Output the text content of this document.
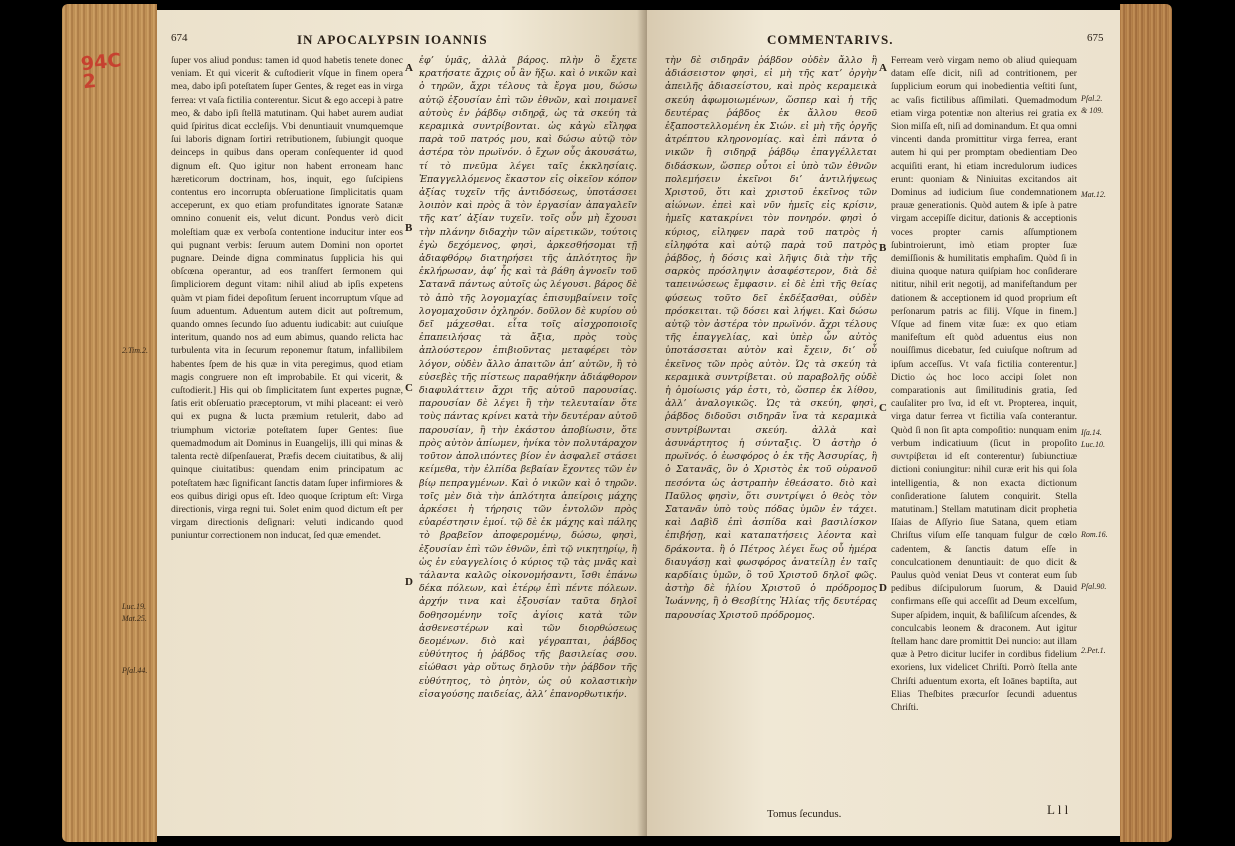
94C
2
674	IN APOCALYPSIN IOANNIS

ſuper vos aliud pondus: tamen id quod habetis tenete donec veniam. Et qui vicerit & cuſtodierit vſque in finem opera mea, dabo ipſi poteſtatem ſuper Gentes, & reget eas in virga ferrea: vt vaſa fictilia conterentur. Sicut & ego accepi à patre meo, & dabo ipſi ſtellā matutinam. Qui habet aurem audiat quid ſpiritus dicat eccleſijs. Vbi denuntiauit vnumquemque ſui laboris dignam ſortiri retributionem, ſubiungit quoque deinceps in quibus dans operam conſequenter id quod dignum eſt. Quo igitur non habent erroneam hanc hæreticorum doctrinam, hos, inquit, ego ſuſcipiens contentus ero incorrupta obſeruatione ſimplicitatis quam acceperunt, ex quo etiam profunditates ignorate Satanæ omnino conuenit eis, velut dicunt. Pondus verò dicit moleſtiam quæ ex verboſa contentione inducitur inter eos qui pugnant verbis: ſeruum autem Domini non oportet pugnare. Deinde digna comminatus ſupplicia his qui obſcœna operantur, ad eos tranſfert ſermonem qui ſimpliciorem degunt vitam: nihil aliud ab ipſis expetens quàm vt piam fidei depoſitum ſeruent incorruptum vſque ad ſuum aduentum. Aduentum autem dicit aut poſtremum, quando omnes ſecundo ſuo aduentu iudicabit: aut cuiuſque interitum, quando nos ad eum abimus, quando relicta hac turbulenta vita in ſecurum reponemur ſtatum, infallibilem habentes ſpem de his quæ in vita peregimus, quod etiam magis congruere non eſt improbabile. Et qui vicerit, & cuſtodierit.] His qui ob ſimplicitatem ſunt expertes pugnæ, ſatis erit obſeruatio præceptorum, vt mihi placeant: ei verò qui ex pugna & lucta præmium retulerit, dabo ad triumphum victoriæ poteſtatem ſuper Gentes: ſiue quemadmodum ait Dominus in Euangelijs, illi qui minas & talenta rectè diſpenſauerat, Præfis decem ciuitatibus, & alij quinque ciuitatibus: quendam enim principatum ac poteſtatem hæc ſignificant ſanctis datam ſuper infirmiores & eos quibus dirigi opus eſt. Ideo quoque ſcriptum eſt: Virga directionis, virga regni tui. Solet enim quod dictum eſt per virgam directionis deſignari: veluti indicando quod puniuntur correctionem non inducat, ſed quæ emendet.

ἐφʼ ὑμᾶς, ἀλλὰ βάρος. πλὴν ὃ ἔχετε κρατήσατε ἄχρις οὗ ἂν ἥξω. καὶ ὁ νικῶν καὶ ὁ τηρῶν, ἄχρι τέλους τὰ ἔργα μου, δώσω αὐτῷ ἐξουσίαν ἐπὶ τῶν ἐθνῶν, καὶ ποιμανεῖ αὐτοὺς ἐν ῥάβδῳ σιδηρᾷ, ὡς τὰ σκεύη τὰ κεραμικὰ συντρίβονται. ὡς κἀγὼ εἴληφα παρὰ τοῦ πατρός μου, καὶ δώσω αὐτῷ τὸν ἀστέρα τὸν πρωϊνόν. ὁ ἔχων οὖς ἀκουσάτω, τί τὸ πνεῦμα λέγει ταῖς ἐκκλησίαις. Ἐπαγγελλόμενος ἕκαστον εἰς οἰκεῖον κόπον ἀξίας τυχεῖν τῆς ἀντιδόσεως, ὑποτάσσει λοιπὸν καὶ πρὸς ἃ τὸν ἐργασίαν ἀπαγαλεῖν τῆς κατʼ ἀξίαν τυχεῖν. τοῖς οὖν μὴ ἔχουσι τὴν πλάνην διδαχὴν τῶν αἱρετικῶν, τούτοις ἐγὼ δεχόμενος, φησὶ, ἀρκεσθήσομαι τῇ ἀδιαφθόρῳ διατηρήσει τῆς ἁπλότητος ἣν ἐκλήρωσαν, ἀφʼ ἧς καὶ τὰ βάθη ἀγνοεῖν τοῦ Σατανᾶ πάντως αὐτοῖς ὡς λέγουσι. βάρος δὲ τὸ ἀπὸ τῆς λογομαχίας ἐπισυμβαίνειν τοῖς λογομαχοῦσιν ὀχληρόν. δοῦλον δὲ κυρίου οὐ δεῖ μάχεσθαι. εἶτα τοῖς αἰσχροποιοῖς ἐπαπειλήσας τὰ ἄξια, πρὸς τοὺς ἁπλούστερον ἐπιβιοῦντας μεταφέρει τὸν λόγον, οὐδὲν ἄλλο ἀπαιτῶν ἀπʼ αὐτῶν, ἢ τὸ εὐσεβὲς τῆς πίστεως παραθήκην ἀδιάφθορον διαφυλάττειν ἄχρι τῆς αὐτοῦ παρουσίας. παρουσίαν δὲ λέγει ἢ τὴν τελευταίαν ὅτε τοὺς πάντας κρίνει κατὰ τὴν δευτέραν αὐτοῦ παρουσίαν, ἢ τὴν ἑκάστου ἀποβίωσιν, ὅτε πρὸς αὐτὸν ἀπίωμεν, ἡνίκα τὸν πολυτάραχον τοῦτον ἀπολιπόντες βίον ἐν ἀσφαλεῖ στάσει κείμεθα, τὴν ἐλπίδα βεβαίαν ἔχοντες τῶν ἐν βίῳ πεπραγμένων. Καὶ ὁ νικῶν καὶ ὁ τηρῶν. τοῖς μὲν διὰ τὴν ἁπλότητα ἀπείροις μάχης ἀρκέσει ἡ τήρησις τῶν ἐντολῶν πρὸς εὐαρέστησιν ἐμοί. τῷ δὲ ἐκ μάχης καὶ πάλης τὸ βραβεῖον ἀποφερομένῳ, δώσω, φησὶ, ἐξουσίαν ἐπὶ τῶν ἐθνῶν, ἐπὶ τῷ νικητηρίῳ, ἢ ὡς ἐν εὐαγγελίοις ὁ κύριος τῷ τὰς μνᾶς καὶ τάλαντα καλῶς οἰκονομήσαντι, ἴσθι ἐπάνω δέκα πόλεων, καὶ ἑτέρῳ ἐπὶ πέντε πόλεων. ἀρχήν τινα καὶ ἐξουσίαν ταῦτα δηλοῖ δοθησομένην τοῖς ἁγίοις κατὰ τῶν ἀσθενεστέρων καὶ τῶν διορθώσεως δεομένων. διὸ καὶ γέγραπται, ῥάβδος εὐθύτητος ἡ ῥάβδος τῆς βασιλείας σου. εἰώθασι γὰρ οὕτως δηλοῦν τὴν ῥάβδον τῆς εὐθύτητος, τὸ ῥητὸν, ὡς οὐ κολαστικὴν εἰσαγούσης παιδείας, ἀλλʼ ἐπανορθωτικήν.

A
B
C
D
2.Tim.2.
Luc.19.
Mat.25.
Pſal.44.
COMMENTARIVS.	675

τὴν δὲ σιδηρᾶν ῥάβδον οὐδὲν ἄλλο ἢ ἀδιάσειστον φησὶ, εἰ μὴ τῆς κατʼ ὀργὴν ἀπειλῆς ἀδιασείστου, καὶ πρὸς κεραμεικὰ σκεύη ἀφωμοιωμένων, ὥσπερ καὶ ἡ τῆς δευτέρας ῥάβδος ἐκ ἄλλου θεοῦ ἐξαποστελλομένη ἐκ Σιών. εἰ μὴ τῆς ὀργῆς ἀτρέπτου κληρονομίας. καὶ ἐπὶ πάντα ὁ νικῶν ἢ σιδηρᾷ ῥάβδῳ ἐπαγγέλλεται διδάσκων, ὥσπερ οὗτοι εἰ ὑπὸ τῶν ἐθνῶν πολεμήσειν ἐκεῖνοι διʼ ἀντιλήψεως Χριστοῦ, ὅτι καὶ χριστοῦ ἐκεῖνος τῶν αἰώνων. ἐπεὶ καὶ νῦν ἡμεῖς εἰς κρίσιν, ἡμεῖς κατακρίνει τὸν πονηρόν. φησὶ ὁ κύριος, εἰληφεν παρὰ τοῦ πατρὸς ἡ εἰληφότα καὶ αὐτῷ παρὰ τοῦ πατρὸς ῥάβδος, ἡ δόσις καὶ λῆψις διὰ τὴν τῆς σαρκὸς πρόσληψιν ἀσαφέστερον, διὰ δὲ ταπεινώσεως ἔμφασιν. εἰ δὲ ἐπὶ τῆς θείας φύσεως τοῦτο δεῖ ἐκδέξασθαι, οὐδὲν πρόσκειται. τῷ δόσει καὶ λήψει. Καὶ δώσω αὐτῷ τὸν ἀστέρα τὸν πρωϊνόν. ἄχρι τέλους τῆς ἐπαγγελίας, καὶ ὑπὲρ ὧν αὐτὸς ὑποτάσσεται αὐτὸν καὶ ἔχειν, διʼ οὗ ἐκεῖνος τῶν πρὸς αὐτὸν. Ὡς τὰ σκεύη τὰ κεραμικὰ συντρίβεται. οὐ παραβολῆς οὐδὲ ἡ ὁμοίωσις γάρ ἐστι, τὸ, ὥσπερ ἐκ λίθου, ἀλλʼ ἀναλογικῶς. Ὡς τὰ σκεύη, φησὶ, ῥάβδος διδοῦσι σιδηρᾶν ἵνα τὰ κεραμικὰ συντρίβωνται σκεύη. ἀλλὰ καὶ ἀσυνάρτητος ἡ σύνταξις. Ὁ ἀστὴρ ὁ πρωϊνός. ὁ ἑωσφόρος ὁ ἐκ τῆς Ἀσσυρίας, ἢ ὁ Σατανᾶς, ὃν ὁ Χριστὸς ἐκ τοῦ οὐρανοῦ πεσόντα ὡς ἀστραπὴν ἐθεάσατο. διὸ καὶ Παῦλος φησὶν, ὅτι συντρίψει ὁ θεὸς τὸν Σατανᾶν ὑπὸ τοὺς πόδας ὑμῶν ἐν τάχει. καὶ Δαβὶδ ἐπὶ ἀσπίδα καὶ βασιλίσκον ἐπιβήσῃ, καὶ καταπατήσεις λέοντα καὶ δράκοντα. ἢ ὁ Πέτρος λέγει ἕως οὗ ἡμέρα διαυγάσῃ καὶ φωσφόρος ἀνατείλῃ ἐν ταῖς καρδίαις ὑμῶν, ὃ τοῦ Χριστοῦ δηλοῖ φῶς. ἀστὴρ δὲ ἡλίου Χριστοῦ ὁ πρόδρομος Ἰωάννης, ἢ ὁ Θεσβίτης Ἠλίας τῆς δευτέρας παρουσίας Χριστοῦ πρόδρομος.

Ferream verò virgam nemo ob aliud quiequam datam eſſe dicit, niſi ad contritionem, per ſupplicium eorum qui inobedientia veſtiti ſunt, ac vaſis fictilibus aſſimilati. Quemadmodum etiam virga potentiæ non alterius rei gratia ex Sion miſſa eſt, niſi ad dominandum. Et qua omni vincenti danda promittitur virga ferrea, erant autem hi qui per promptam obedientiam Deo acquiſiti erant, hi etiam incredulorum iudices erunt: quoniam & Niniuitas excitandos ait Dominus ad iudicium ſiue condemnationem prauæ generationis. Quòd autem & ipſe à patre virgam accepiſſe dicitur, dationis & acceptionis voces propter carnis aſſumptionem ſubintroierunt, imò etiam propter ſuæ demiſſionis & humilitatis emphaſim. Quòd ſi in diuina quoque natura quiſpiam hoc conſiderare nititur, nihil erit negotij, ad manifeſtandum per dationem & acceptionem id quod proprium eſt perſonarum patris ac filij. Vſque in finem.] Vſque ad finem vitæ ſuæ: ex quo etiam manifeſtum eſt quòd aduentus eius non nouiſſimus dicebatur, ſed cuiuſque noſtrum ad ipſum acceſſus. Vt vaſa fictilia conterentur.] Dictio ὡς hoc loco accipi ſolet non comparationis aut ſimilitudinis gratia, ſed cauſaliter pro ἵνα, id eſt vt. Propterea, inquit, virga datur ferrea vt fictilia vaſa conterantur. Quòd ſi non ſit apta compoſitio: nunquam enim verbum indicatiuum (ſicut in propoſito συντρίβεται id eſt conterentur) ſubiunctiuæ dictioni coniungitur: nihil curæ erit his qui ſola intelligentia, & non exacta dictionum conſideratione ſalutem conquirit. Stella matutinam.] Stellam matutinam dicit prophetia Iſaias de Aſſyrio ſiue Satana, quem etiam Chriſtus viſum eſſe tanquam fulgur de cœlo cadentem, & ſanctis datum eſſe in conculcationem denuntiauit: de quo dicit & Paulus quòd veniat Deus vt conterat eum ſub pedibus diſcipulorum ſuorum, & Dauid confirmans eſſe qui acceſſit ad Deum excelſum, Super aſpidem, inquit, & baſiliſcum aſcendes, & conculcabis leonem & draconem. Aut igitur ſtellam hanc dare promittit Dei nuncio: aut illam quæ à Petro dicitur lucifer in cordibus fidelium exoriens, lux videlicet Chriſti. Porrò ſtella ante Chriſti aduentum exorta, eſt Ioānes baptiſta, aut Elias Theſbites præcurſor ſecundi aduentus Chriſti.

A
B
C
D
Pſal.2.
& 109.
Mat.12.
Iſa.14.
Luc.10.
Rom.16.
Pſal.90.
2.Pet.1.
Tomus ſecundus.	L l l
